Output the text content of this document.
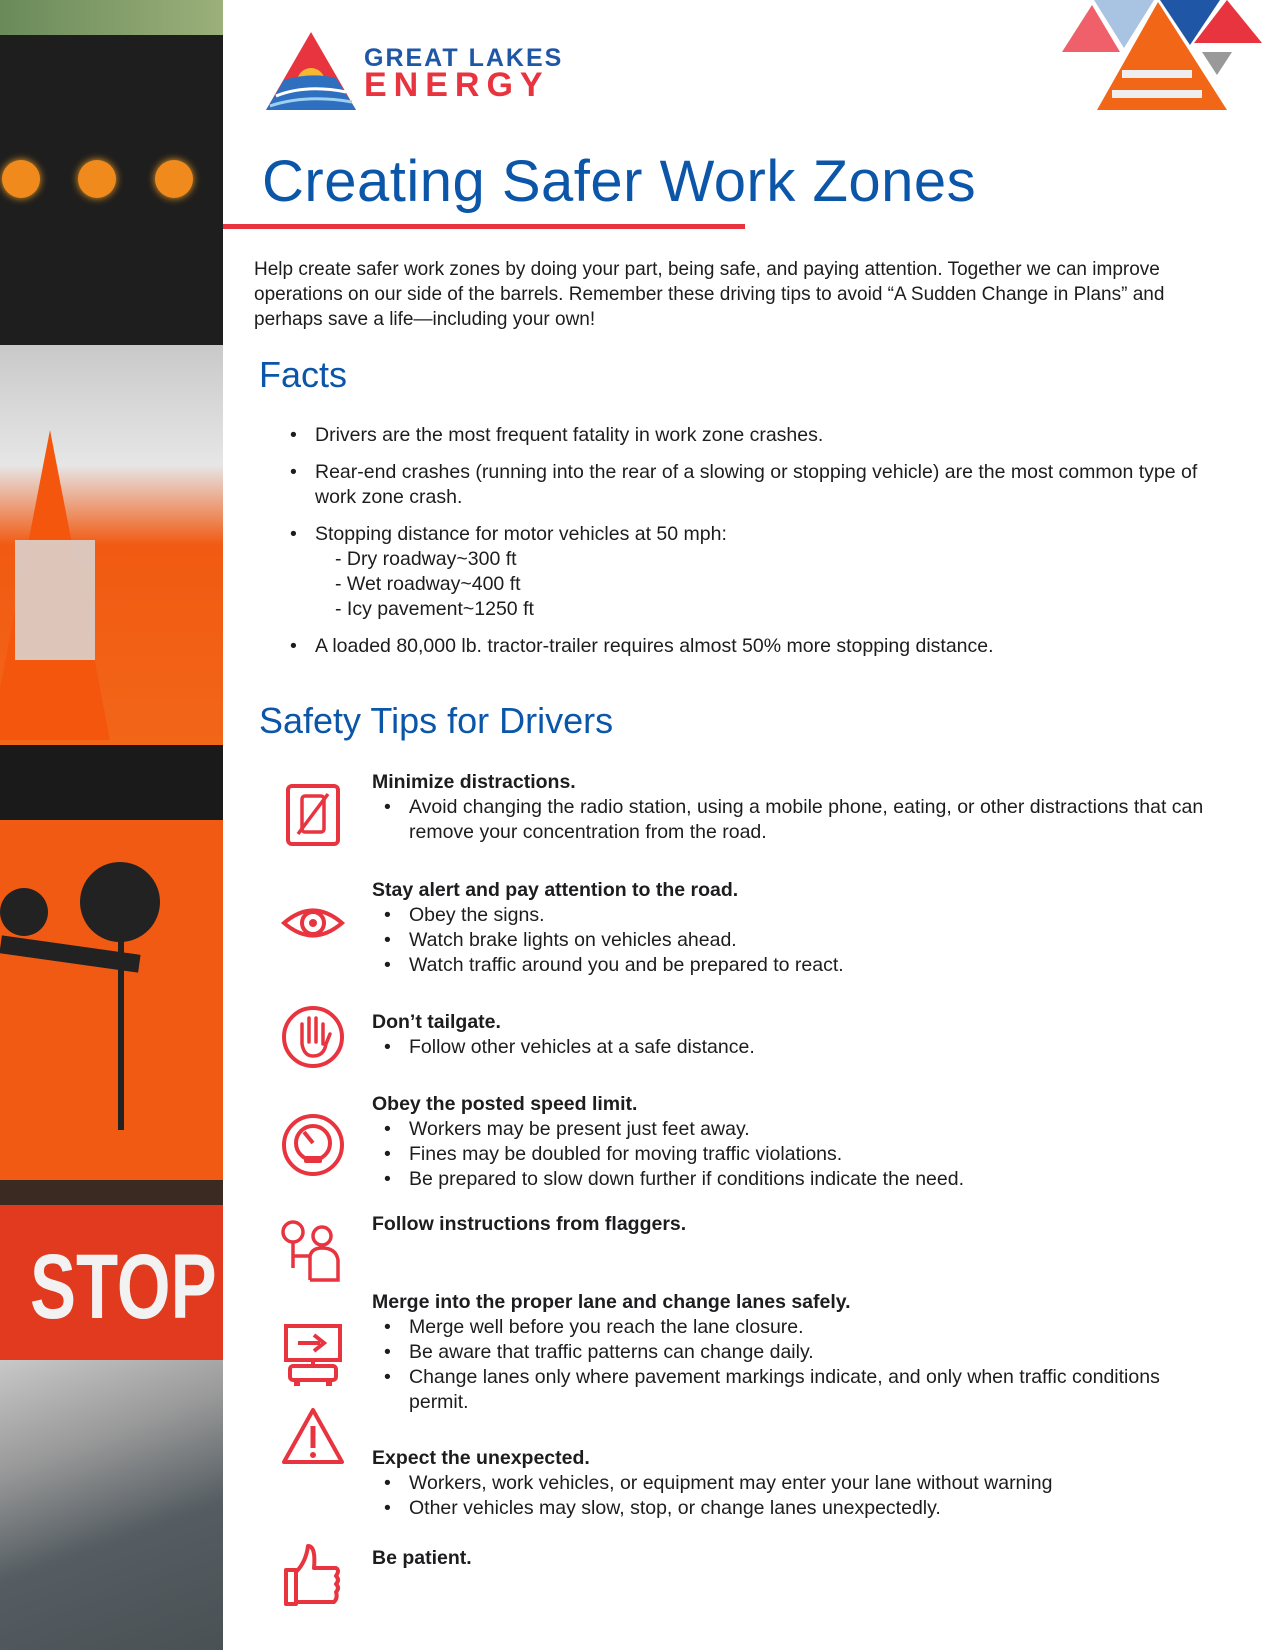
STOP
GREAT LAKES
ENERGY
Creating Safer Work Zones

Help create safer work zones by doing your part, being safe, and paying attention. Together we can improve operations on our side of the barrels. Remember these driving tips to avoid “A Sudden Change in Plans” and perhaps save a life—including your own!

Facts
• Drivers are the most frequent fatality in work zone crashes.
• Rear-end crashes (running into the rear of a slowing or stopping vehicle) are the most common type of work zone crash.
• Stopping distance for motor vehicles at 50 mph:
- Dry roadway~300 ft
- Wet roadway~400 ft
- Icy pavement~1250 ft
• A loaded 80,000 lb. tractor-trailer requires almost 50% more stopping distance.
Safety Tips for Drivers
Minimize distractions.
• Avoid changing the radio station, using a mobile phone, eating, or other distractions that can remove your concentration from the road.
Stay alert and pay attention to the road.
• Obey the signs.
• Watch brake lights on vehicles ahead.
• Watch traffic around you and be prepared to react.
Don’t tailgate.
• Follow other vehicles at a safe distance.
Obey the posted speed limit.
• Workers may be present just feet away.
• Fines may be doubled for moving traffic violations.
• Be prepared to slow down further if conditions indicate the need.
Follow instructions from flaggers.
Merge into the proper lane and change lanes safely.
• Merge well before you reach the lane closure.
• Be aware that traffic patterns can change daily.
• Change lanes only where pavement markings indicate, and only when traffic conditions permit.
Expect the unexpected.
• Workers, work vehicles, or equipment may enter your lane without warning
• Other vehicles may slow, stop, or change lanes unexpectedly.
Be patient.
